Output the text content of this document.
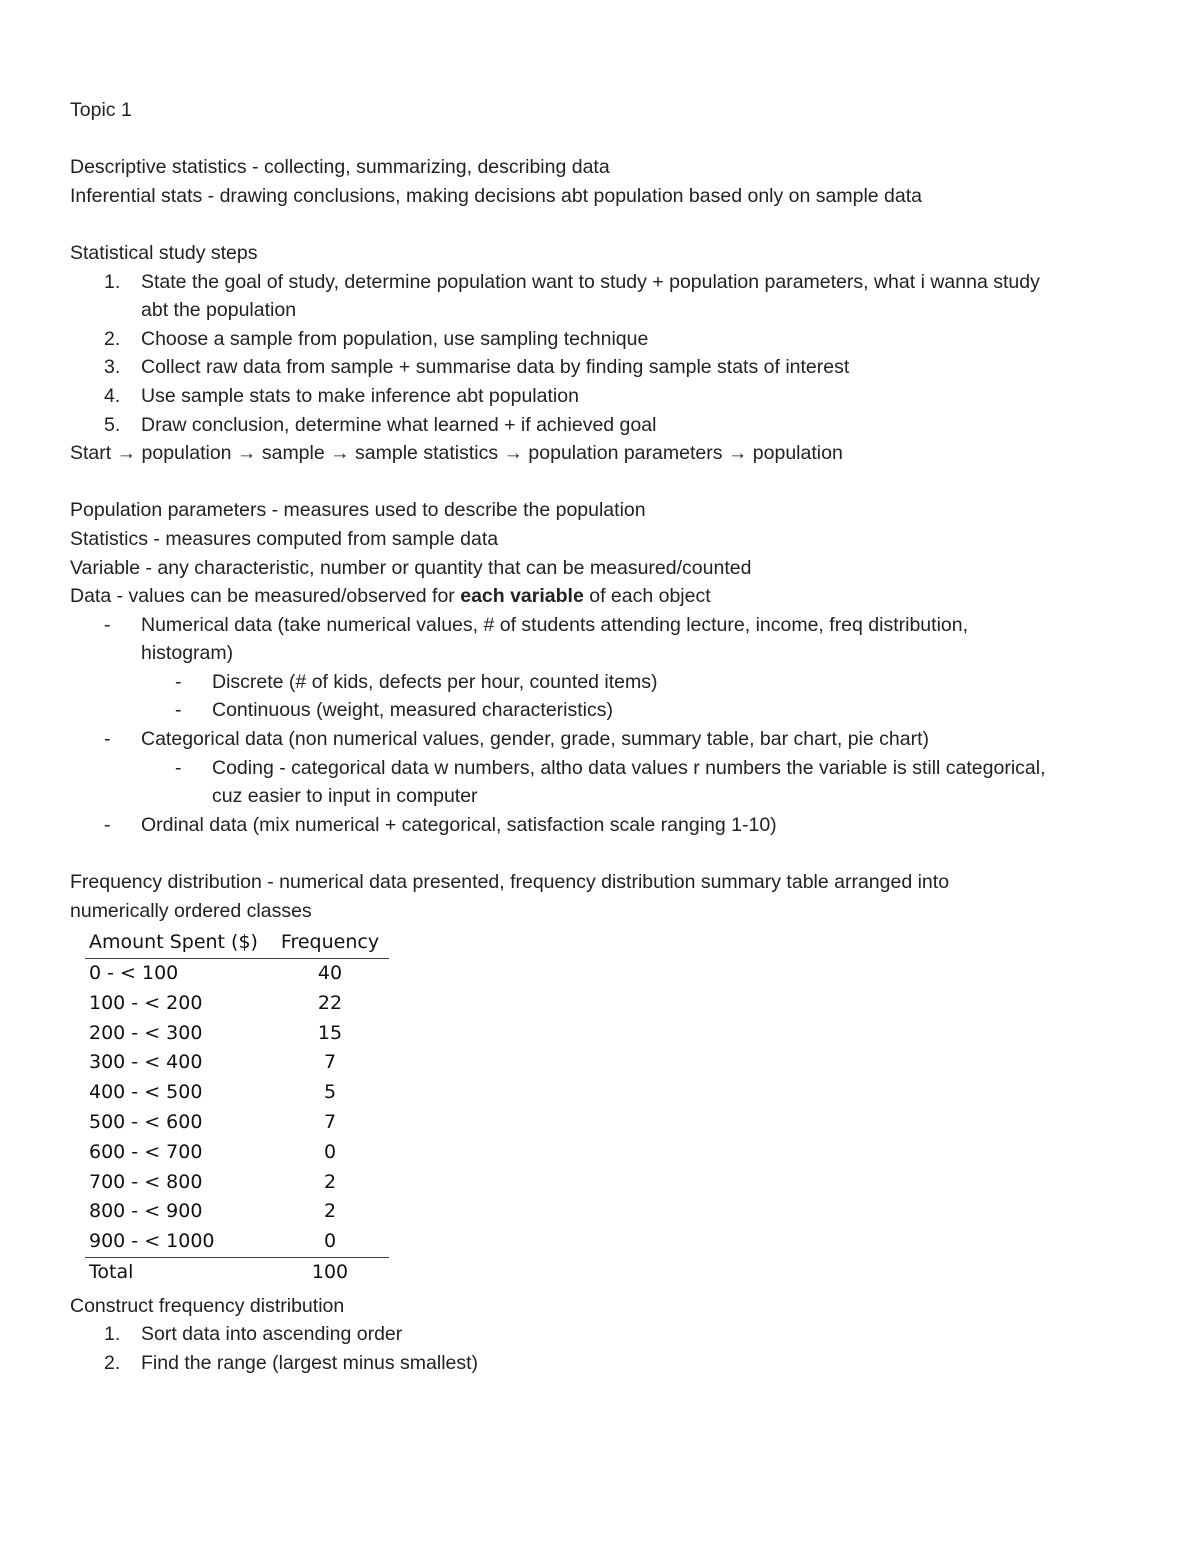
Topic 1
Descriptive statistics - collecting, summarizing, describing data
Inferential stats - drawing conclusions, making decisions abt population based only on sample data
Statistical study steps
1.	State the goal of study, determine population want to study + population parameters, what i wanna study
abt the population
2.	Choose a sample from population, use sampling technique
3.	Collect raw data from sample + summarise data by finding sample stats of interest
4.	Use sample stats to make inference abt population
5.	Draw conclusion, determine what learned + if achieved goal
Start → population → sample → sample statistics → population parameters → population
Population parameters - measures used to describe the population
Statistics - measures computed from sample data
Variable - any characteristic, number or quantity that can be measured/counted
Data - values can be measured/observed for each variable of each object
-	Numerical data (take numerical values, # of students attending lecture, income, freq distribution,
histogram)
-	Discrete (# of kids, defects per hour, counted items)
-	Continuous (weight, measured characteristics)
-	Categorical data (non numerical values, gender, grade, summary table, bar chart, pie chart)
-	Coding - categorical data w numbers, altho data values r numbers the variable is still categorical,
cuz easier to input in computer
-	Ordinal data (mix numerical + categorical, satisfaction scale ranging 1-10)
Frequency distribution - numerical data presented, frequency distribution summary table arranged into
numerically ordered classes
Amount Spent ($)	Frequency
0 - < 100	40
100 - < 200	22
200 - < 300	15
300 - < 400	7
400 - < 500	5
500 - < 600	7
600 - < 700	0
700 - < 800	2
800 - < 900	2
900 - < 1000	0
Total	100
Construct frequency distribution
1.	Sort data into ascending order
2.	Find the range (largest minus smallest)
